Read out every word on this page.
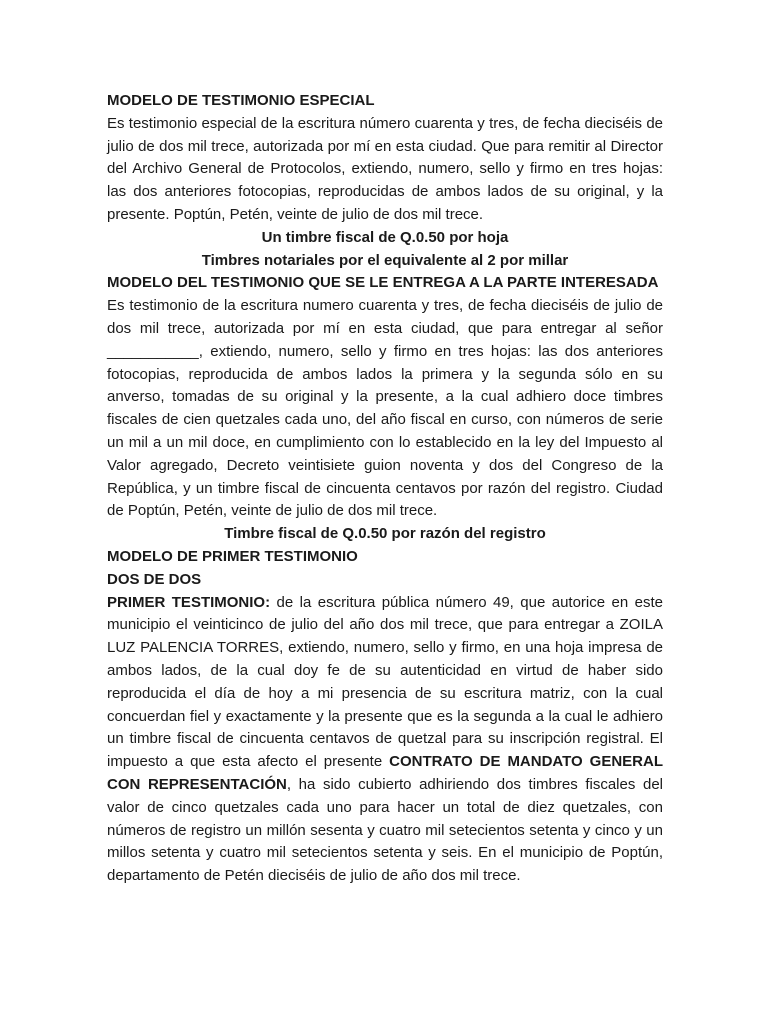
MODELO DE TESTIMONIO ESPECIAL

Es testimonio especial de la escritura número cuarenta y tres, de fecha dieciséis de julio de dos mil trece, autorizada por mí en esta ciudad. Que para remitir al Director del Archivo General de Protocolos, extiendo, numero, sello y firmo en tres hojas: las dos anteriores fotocopias, reproducidas de ambos lados de su original, y la presente. Poptún, Petén, veinte de julio de dos mil trece.

Un timbre fiscal de Q.0.50 por hoja

Timbres notariales por el equivalente al 2 por millar

MODELO DEL TESTIMONIO QUE SE LE ENTREGA A LA PARTE INTERESADA

Es testimonio de la escritura numero cuarenta y tres, de fecha dieciséis de julio de dos mil trece, autorizada por mí en esta ciudad, que para entregar al señor ___________, extiendo, numero, sello y firmo en tres hojas: las dos anteriores fotocopias, reproducida de ambos lados la primera y la segunda sólo en su anverso, tomadas de su original y la presente, a la cual adhiero doce timbres fiscales de cien quetzales cada uno, del año fiscal en curso, con números de serie un mil a un mil doce, en cumplimiento con lo establecido en la ley del Impuesto al Valor agregado, Decreto veintisiete guion noventa y dos del Congreso de la República, y un timbre fiscal de cincuenta centavos por razón del registro. Ciudad de Poptún, Petén, veinte de julio de dos mil trece.

Timbre fiscal de Q.0.50 por razón del registro

MODELO DE PRIMER TESTIMONIO

DOS DE DOS

PRIMER TESTIMONIO: de la escritura pública número 49, que autorice en este municipio el veinticinco de julio del año dos mil trece, que para entregar a ZOILA LUZ PALENCIA TORRES, extiendo, numero, sello y firmo, en una hoja impresa de ambos lados, de la cual doy fe de su autenticidad en virtud de haber sido reproducida el día de hoy a mi presencia de su escritura matriz, con la cual concuerdan fiel y exactamente y la presente que es la segunda a la cual le adhiero un timbre fiscal de cincuenta centavos de quetzal para su inscripción registral. El impuesto a que esta afecto el presente CONTRATO DE MANDATO GENERAL CON REPRESENTACIÓN, ha sido cubierto adhiriendo dos timbres fiscales del valor de cinco quetzales cada uno para hacer un total de diez quetzales, con números de registro un millón sesenta y cuatro mil setecientos setenta y cinco y un millos setenta y cuatro mil setecientos setenta y seis. En el municipio de Poptún, departamento de Petén dieciséis de julio de año dos mil trece.
